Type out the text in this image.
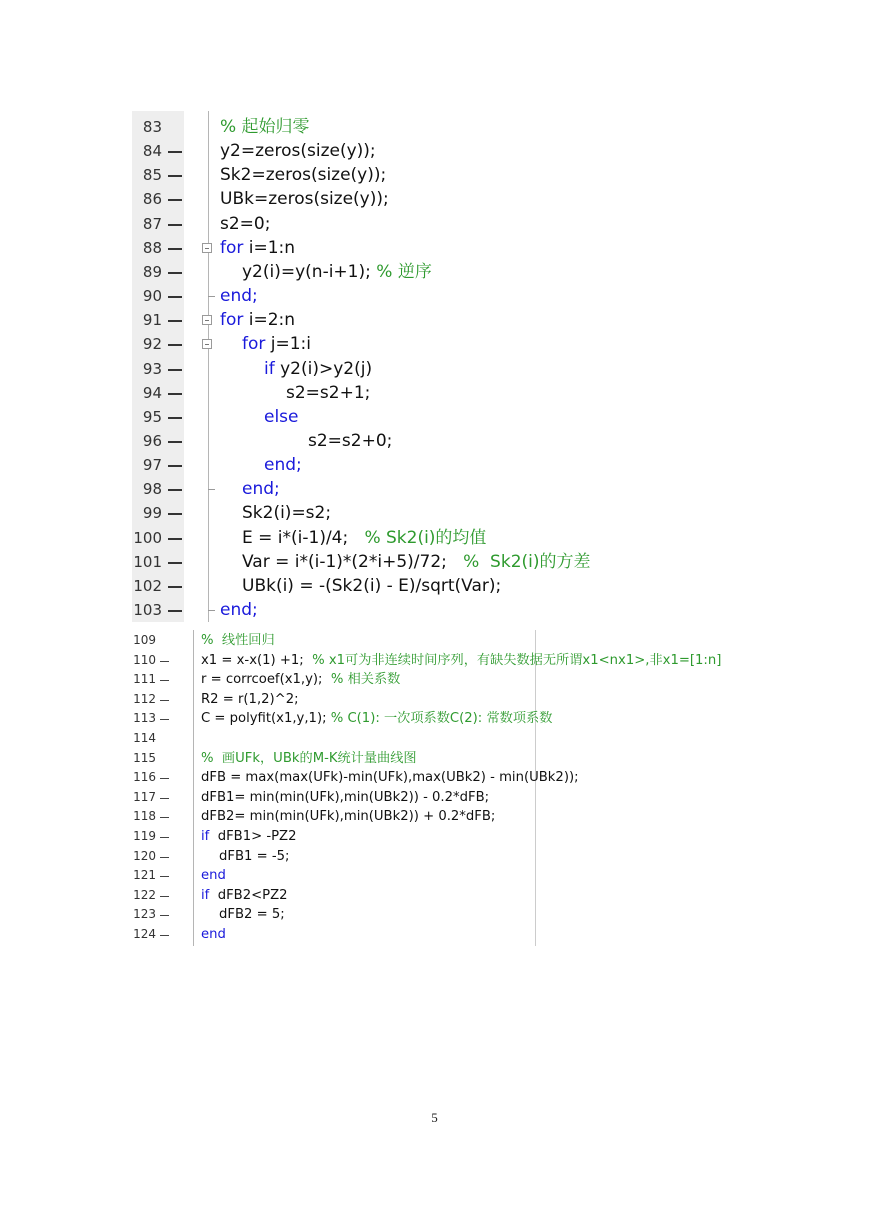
83	% 起始归零
84	y2=zeros(size(y));
85	Sk2=zeros(size(y));
86	UBk=zeros(size(y));
87	s2=0;
88	for i=1:n
89	y2(i)=y(n-i+1); % 逆序
90	end;
91	for i=2:n
92	for j=1:i
93	if y2(i)>y2(j)
94	s2=s2+1;
95	else
96	s2=s2+0;
97	end;
98	end;
99	Sk2(i)=s2;
100	E = i*(i-1)/4;   % Sk2(i)的均值
101	Var = i*(i-1)*(2*i+5)/72;   %  Sk2(i)的方差
102	UBk(i) = -(Sk2(i) - E)/sqrt(Var);
103	end;
109	%  线性回归
110	x1 = x-x(1) +1;  % x1可为非连续时间序列，有缺失数据无所谓x1<nx1>,非x1=[1:n]
111	r = corrcoef(x1,y);  % 相关系数
112	R2 = r(1,2)^2;
113	C = polyfit(x1,y,1); % C(1): 一次项系数C(2): 常数项系数
114
115	%  画UFk，UBk的M-K统计量曲线图
116	dFB = max(max(UFk)-min(UFk),max(UBk2) - min(UBk2));
117	dFB1= min(min(UFk),min(UBk2)) - 0.2*dFB;
118	dFB2= min(min(UFk),min(UBk2)) + 0.2*dFB;
119	if  dFB1> -PZ2
120	dFB1 = -5;
121	end
122	if  dFB2<PZ2
123	dFB2 = 5;
124	end
5
